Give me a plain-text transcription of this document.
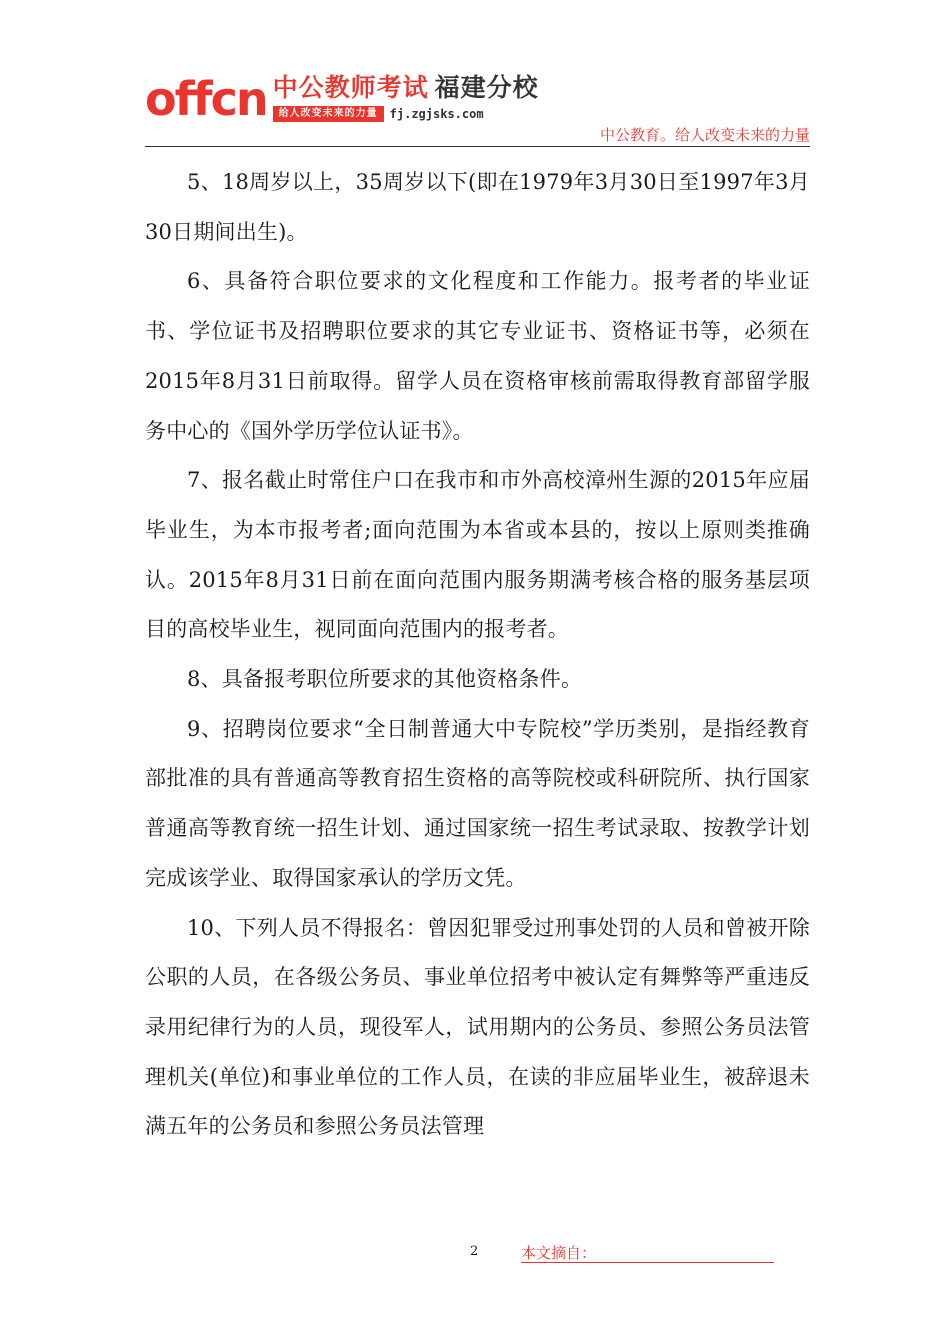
offcn 中公教师考试 福建分校
给人改变未来的力量	fj.zgjsks.com
中公教育。给人改变未来的力量

5、18周岁以上，35周岁以下(即在1979年3月30日至1997年3月30日期间出生)。

6、具备符合职位要求的文化程度和工作能力。报考者的毕业证书、学位证书及招聘职位要求的其它专业证书、资格证书等，必须在2015年8月31日前取得。留学人员在资格审核前需取得教育部留学服务中心的《国外学历学位认证书》。

7、报名截止时常住户口在我市和市外高校漳州生源的2015年应届毕业生，为本市报考者;面向范围为本省或本县的，按以上原则类推确认。2015年8月31日前在面向范围内服务期满考核合格的服务基层项目的高校毕业生，视同面向范围内的报考者。

8、具备报考职位所要求的其他资格条件。

9、招聘岗位要求“全日制普通大中专院校”学历类别，是指经教育部批准的具有普通高等教育招生资格的高等院校或科研院所、执行国家普通高等教育统一招生计划、通过国家统一招生考试录取、按教学计划完成该学业、取得国家承认的学历文凭。

10、下列人员不得报名：曾因犯罪受过刑事处罚的人员和曾被开除公职的人员，在各级公务员、事业单位招考中被认定有舞弊等严重违反录用纪律行为的人员，现役军人，试用期内的公务员、参照公务员法管理机关(单位)和事业单位的工作人员，在读的非应届毕业生，被辞退未满五年的公务员和参照公务员法管理

2	本文摘自：
